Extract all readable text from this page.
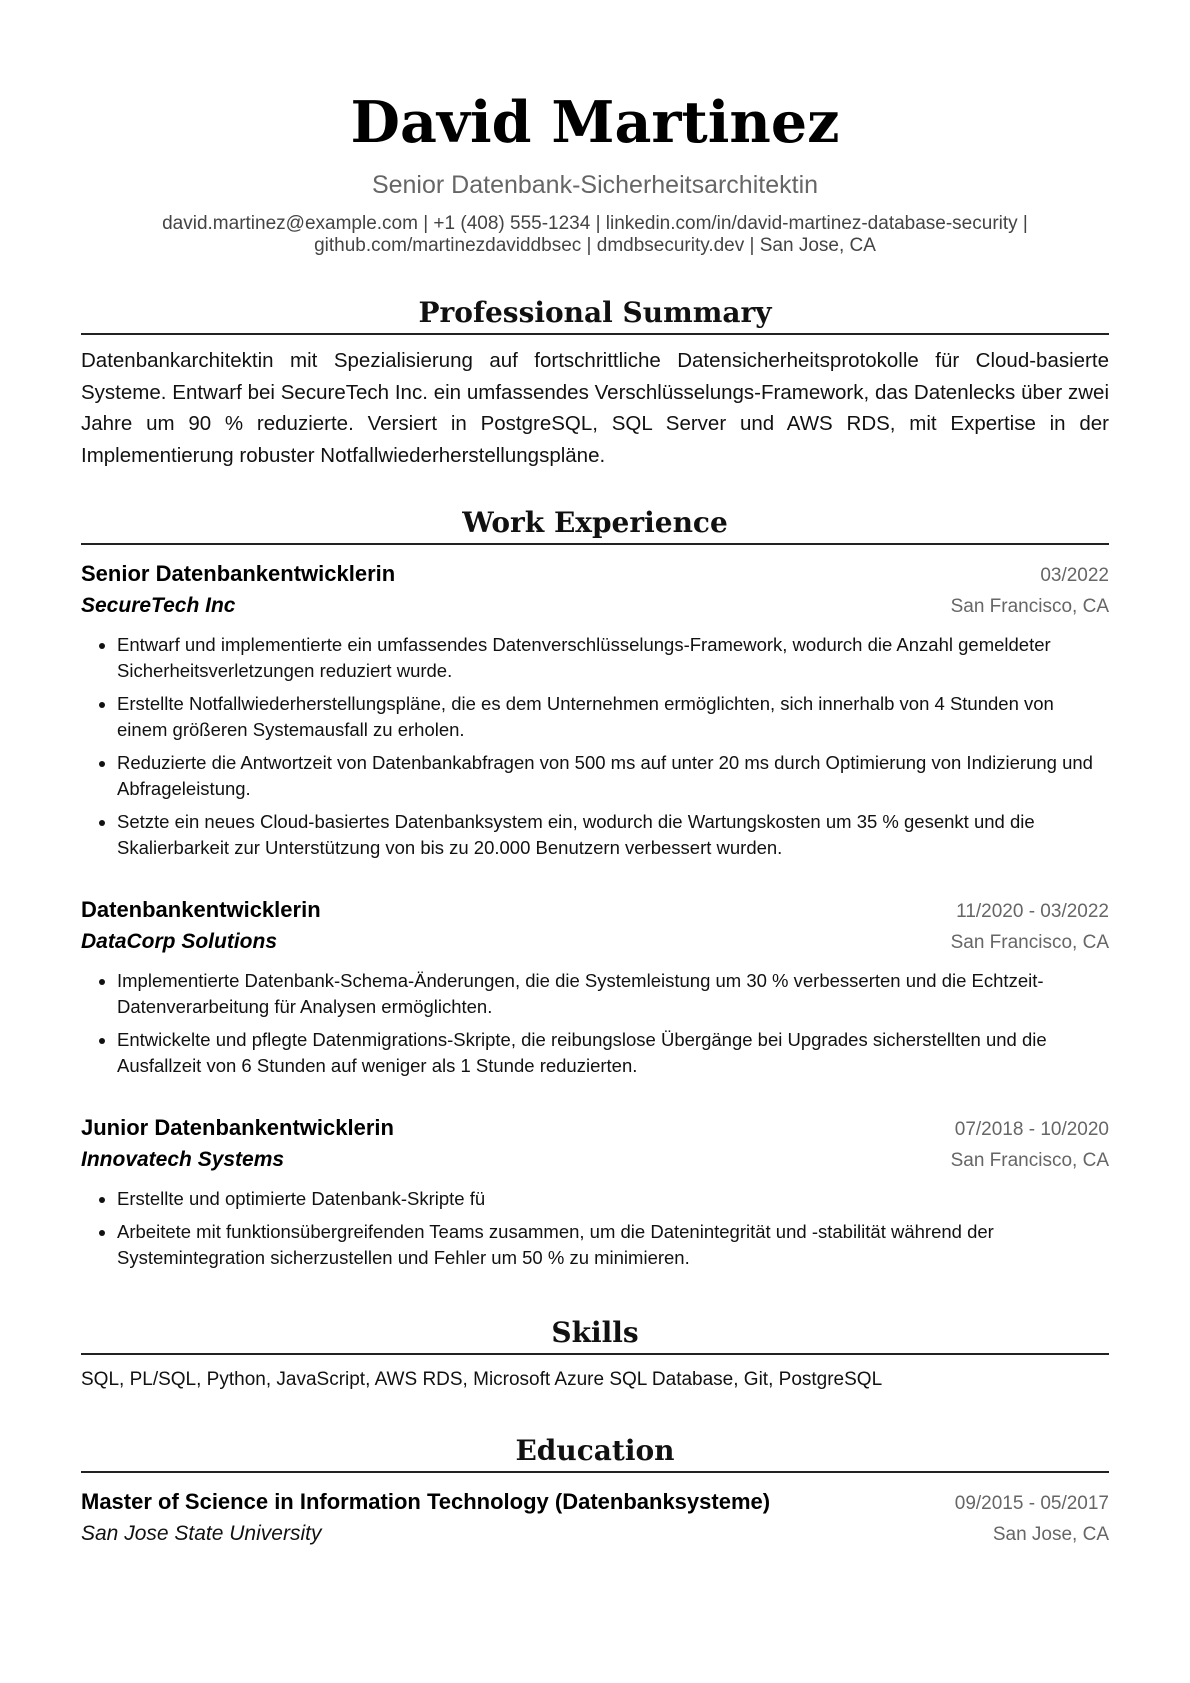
David Martinez
Senior Datenbank-Sicherheitsarchitektin
david.martinez@example.com | +1 (408) 555-1234 | linkedin.com/in/david-martinez-database-security |
github.com/martinezdaviddbsec | dmdbsecurity.dev | San Jose, CA
Professional Summary

Datenbankarchitektin mit Spezialisierung auf fortschrittliche Datensicherheitsprotokolle für Cloud-basierte Systeme. Entwarf bei SecureTech Inc. ein umfassendes Verschlüsselungs-Framework, das Datenlecks über zwei Jahre um 90 % reduzierte. Versiert in PostgreSQL, SQL Server und AWS RDS, mit Expertise in der Implementierung robuster Notfallwiederherstellungspläne.

Work Experience
Senior Datenbankentwicklerin	03/2022
SecureTech Inc	San Francisco, CA
• Entwarf und implementierte ein umfassendes Datenverschlüsselungs-Framework, wodurch die Anzahl gemeldeter Sicherheitsverletzungen reduziert wurde.
• Erstellte Notfallwiederherstellungspläne, die es dem Unternehmen ermöglichten, sich innerhalb von 4 Stunden von einem größeren Systemausfall zu erholen.
• Reduzierte die Antwortzeit von Datenbankabfragen von 500 ms auf unter 20 ms durch Optimierung von Indizierung und Abfrageleistung.
• Setzte ein neues Cloud-basiertes Datenbanksystem ein, wodurch die Wartungskosten um 35 % gesenkt und die Skalierbarkeit zur Unterstützung von bis zu 20.000 Benutzern verbessert wurden.
Datenbankentwicklerin	11/2020 - 03/2022
DataCorp Solutions	San Francisco, CA
• Implementierte Datenbank-Schema-Änderungen, die die Systemleistung um 30 % verbesserten und die Echtzeit-Datenverarbeitung für Analysen ermöglichten.
• Entwickelte und pflegte Datenmigrations-Skripte, die reibungslose Übergänge bei Upgrades sicherstellten und die Ausfallzeit von 6 Stunden auf weniger als 1 Stunde reduzierten.
Junior Datenbankentwicklerin	07/2018 - 10/2020
Innovatech Systems	San Francisco, CA
• Erstellte und optimierte Datenbank-Skripte fü
• Arbeitete mit funktionsübergreifenden Teams zusammen, um die Datenintegrität und -stabilität während der Systemintegration sicherzustellen und Fehler um 50 % zu minimieren.
Skills
SQL, PL/SQL, Python, JavaScript, AWS RDS, Microsoft Azure SQL Database, Git, PostgreSQL
Education
Master of Science in Information Technology (Datenbanksysteme)	09/2015 - 05/2017
San Jose State University	San Jose, CA
